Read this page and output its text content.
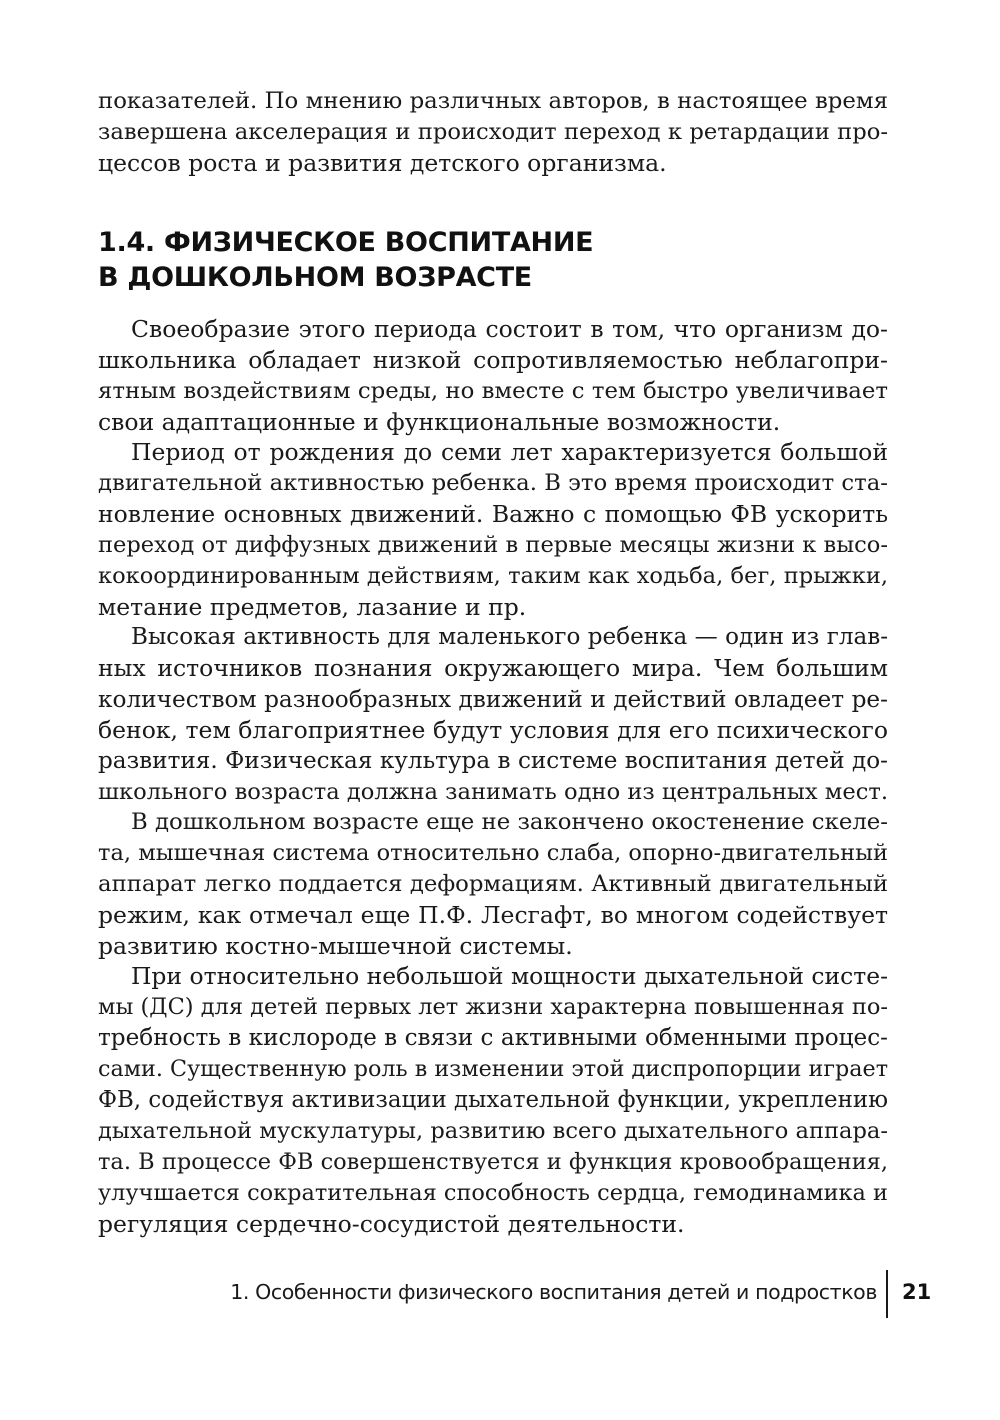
показателей. По мнению различных авторов, в настоящее время
завершена акселерация и происходит переход к ретардации про-
цессов роста и развития детского организма.
1.4. ФИЗИЧЕСКОЕ ВОСПИТАНИЕ
В ДОШКОЛЬНОМ ВОЗРАСТЕ
Своеобразие этого периода состоит в том, что организм до-
школьника обладает низкой сопротивляемостью неблагопри-
ятным воздействиям среды, но вместе с тем быстро увеличивает
свои адаптационные и функциональные возможности.
Период от рождения до семи лет характеризуется большой
двигательной активностью ребенка. В это время происходит ста-
новление основных движений. Важно с помощью ФВ ускорить
переход от диффузных движений в первые месяцы жизни к высо-
кокоординированным действиям, таким как ходьба, бег, прыжки,
метание предметов, лазание и пр.
Высокая активность для маленького ребенка — один из глав-
ных источников познания окружающего мира. Чем большим
количеством разнообразных движений и действий овладеет ре-
бенок, тем благоприятнее будут условия для его психического
развития. Физическая культура в системе воспитания детей до-
школьного возраста должна занимать одно из центральных мест.
В дошкольном возрасте еще не закончено окостенение скеле-
та, мышечная система относительно слаба, опорно-двигательный
аппарат легко поддается деформациям. Активный двигательный
режим, как отмечал еще П.Ф. Лесгафт, во многом содействует
развитию костно-мышечной системы.
При относительно небольшой мощности дыхательной систе-
мы (ДС) для детей первых лет жизни характерна повышенная по-
требность в кислороде в связи с активными обменными процес-
сами. Существенную роль в изменении этой диспропорции играет
ФВ, содействуя активизации дыхательной функции, укреплению
дыхательной мускулатуры, развитию всего дыхательного аппара-
та. В процессе ФВ совершенствуется и функция кровообращения,
улучшается сократительная способность сердца, гемодинамика и
регуляция сердечно-сосудистой деятельности.
1. Особенности физического воспитания детей и подростков 21
